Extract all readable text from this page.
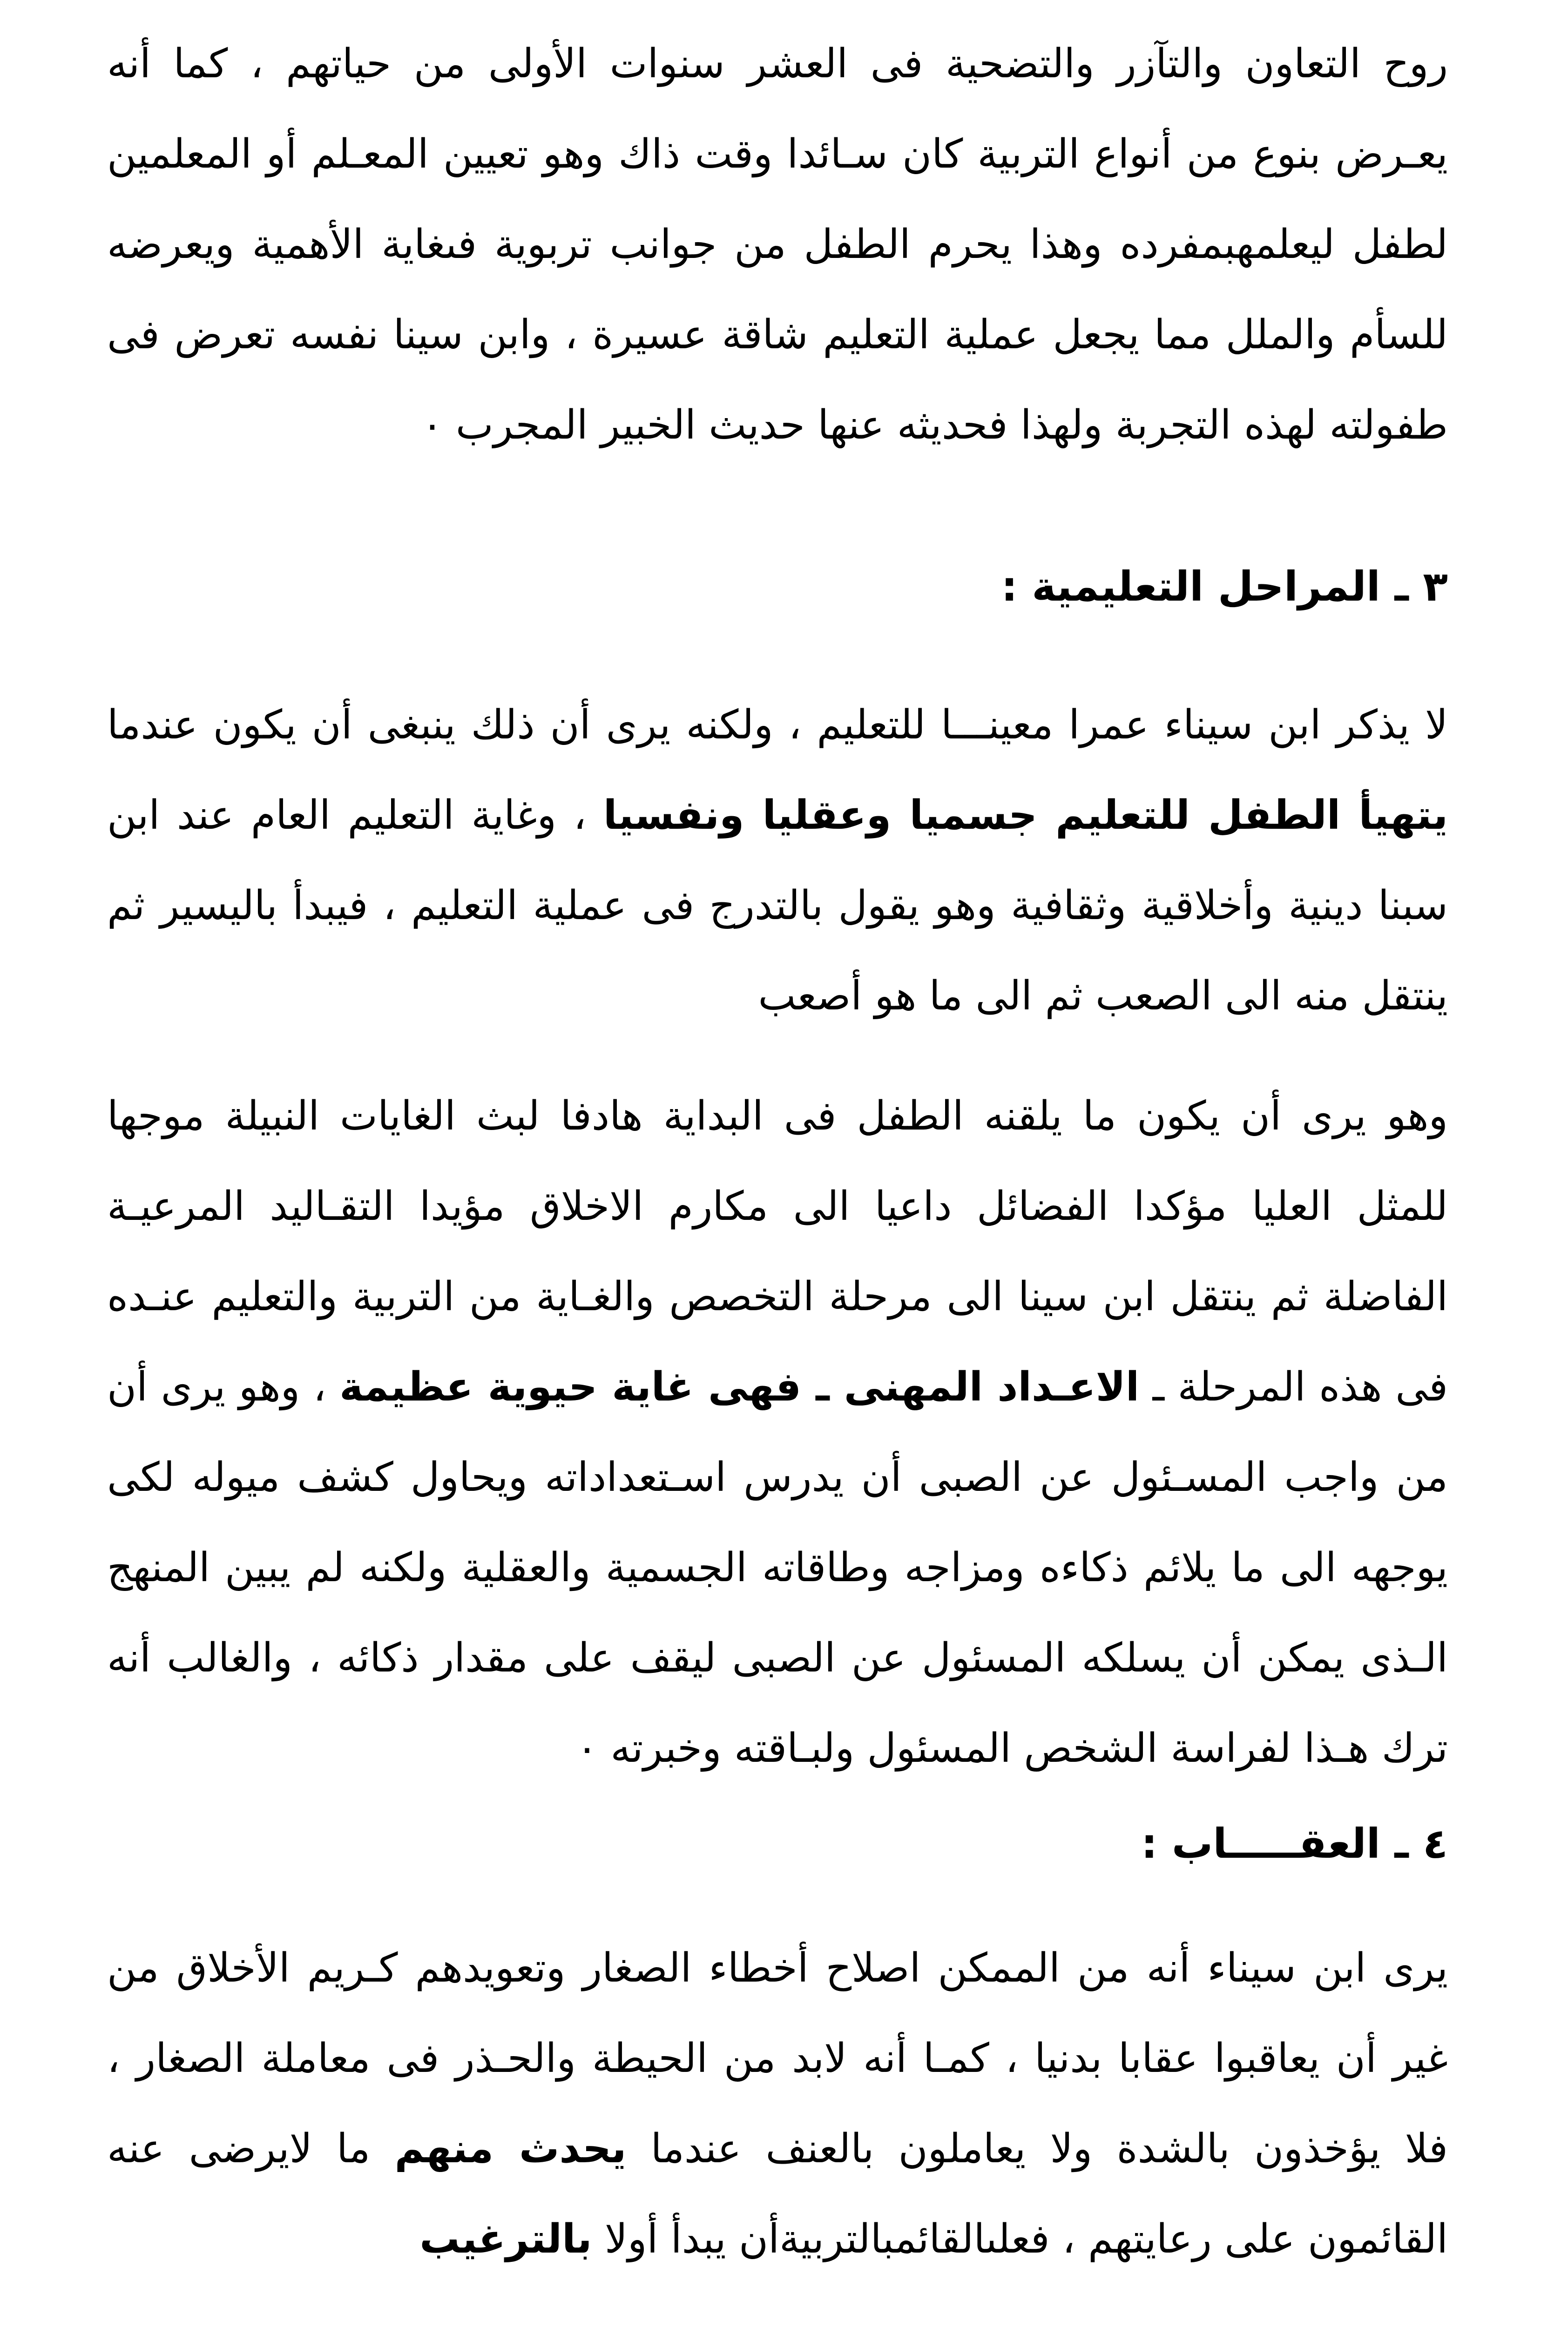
روح التعاون والتآزر والتضحية فى العشر سنوات الأولى من حياتهم ، كما أنه يعـرض بنوع من أنواع التربية كان سـائدا وقت ذاك وهو تعيين المعـلم أو المعلمين لطفل ليعلمهبمفرده وهذا يحرم الطفل من جوانب تربوية فىغاية الأهمية ويعرضه للسأم والملل مما يجعل عملية التعليم شاقة عسيرة ، وابن سينا نفسه تعرض فى طفولته لهذه التجربة ولهذا فحديثه عنها حديث الخبير المجرب ٠

٣ ـ المراحل التعليمية :

لا يذكر ابن سيناء عمرا معينـــا للتعليم ، ولكنه يرى أن ذلك ينبغى أن يكون عندما يتهيأ الطفل للتعليم جسميا وعقليا ونفسيا ، وغاية التعليم العام عند ابن سبنا دينية وأخلاقية وثقافية وهو يقول بالتدرج فى عملية التعليم ، فيبدأ باليسير ثم ينتقل منه الى الصعب ثم الى ما هو أصعب

وهو يرى أن يكون ما يلقنه الطفل فى البداية هادفا لبث الغايات النبيلة موجها للمثل العليا مؤكدا الفضائل داعيا الى مكارم الاخلاق مؤيدا التقـاليد المرعيـة الفاضلة ثم ينتقل ابن سينا الى مرحلة التخصص والغـاية من التربية والتعليم عنـده فى هذه المرحلة ـ الاعـداد المهنى ـ فهى غاية حيوية عظيمة ، وهو يرى أن من واجب المسـئول عن الصبى أن يدرس اسـتعداداته ويحاول كشف ميوله لكى يوجهه الى ما يلائم ذكاءه ومزاجه وطاقاته الجسمية والعقلية ولكنه لم يبين المنهج الـذى يمكن أن يسلكه المسئول عن الصبى ليقف على مقدار ذكائه ، والغالب أنه ترك هـذا لفراسة الشخص المسئول ولبـاقته وخبرته ٠

٤ ـ العقـــــاب :

يرى ابن سيناء أنه من الممكن اصلاح أخطاء الصغار وتعويدهم كـريم الأخلاق من غير أن يعاقبوا عقابا بدنيا ، كمـا أنه لابد من الحيطة والحـذر فى معاملة الصغار ، فلا يؤخذون بالشدة ولا يعاملون بالعنف عندما يحدث منهم ما لايرضى عنه القائمون على رعايتهم ، فعلىالقائمبالتربيةأن يبدأ أولا بالترغيب
